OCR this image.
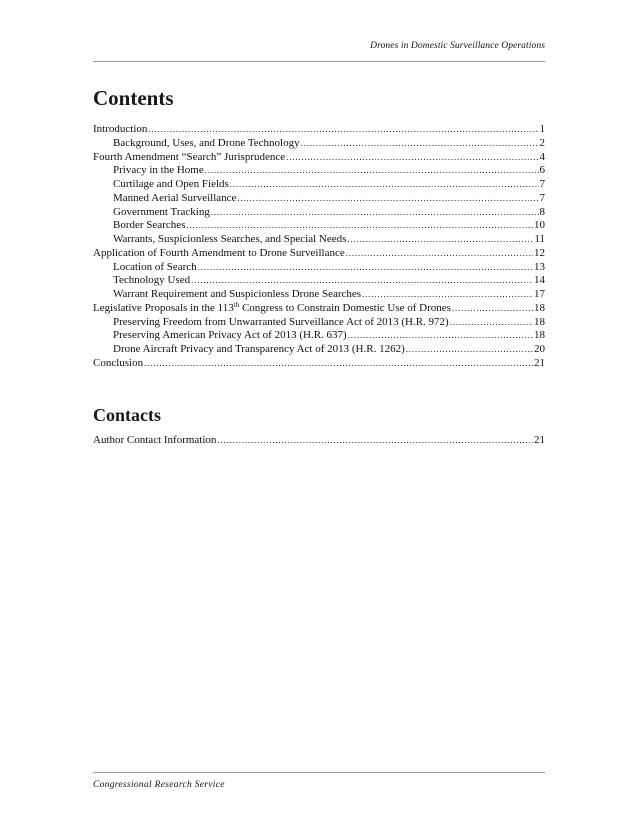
Drones in Domestic Surveillance Operations
Contents
Introduction .....	1
Background, Uses, and Drone Technology .....	2
Fourth Amendment “Search” Jurisprudence .....	4
Privacy in the Home .....	6
Curtilage and Open Fields .....	7
Manned Aerial Surveillance .....	7
Government Tracking .....	8
Border Searches .....	10
Warrants, Suspicionless Searches, and Special Needs .....	11
Application of Fourth Amendment to Drone Surveillance .....	12
Location of Search .....	13
Technology Used .....	14
Warrant Requirement and Suspicionless Drone Searches .....	17
Legislative Proposals in the 113th Congress to Constrain Domestic Use of Drones .....	18
Preserving Freedom from Unwarranted Surveillance Act of 2013 (H.R. 972) .....	18
Preserving American Privacy Act of 2013 (H.R. 637) .....	18
Drone Aircraft Privacy and Transparency Act of 2013 (H.R. 1262) .....	20
Conclusion .....	21
Contacts
Author Contact Information .....	21
Congressional Research Service
